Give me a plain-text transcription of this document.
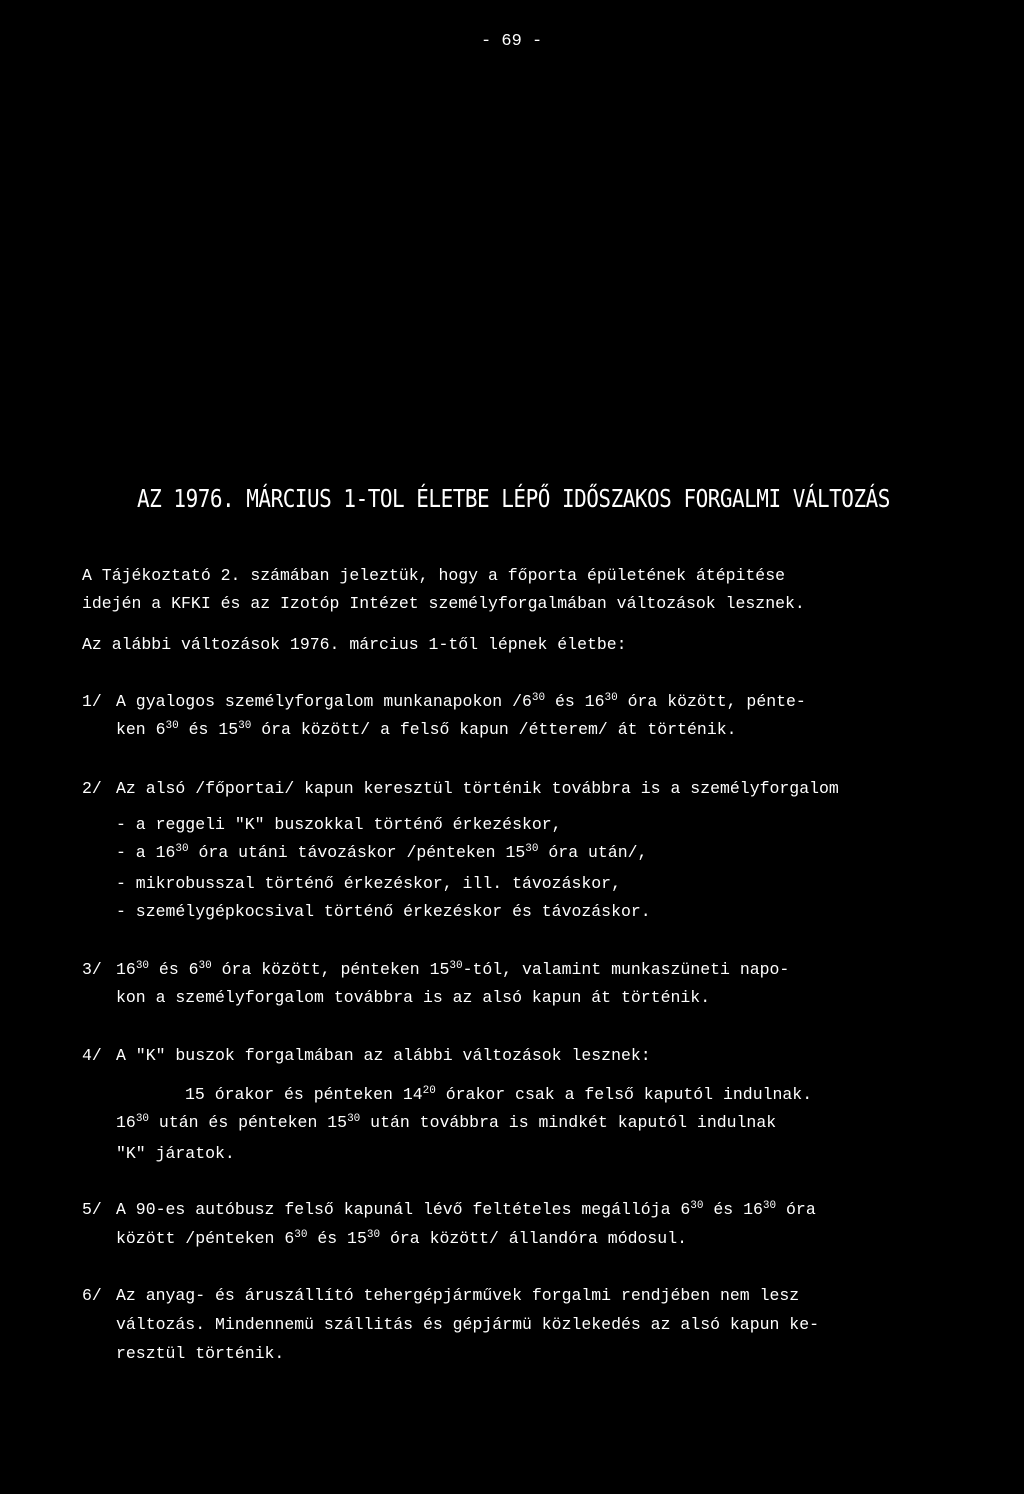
- 69 -
AZ 1976. MÁRCIUS 1-TOL ÉLETBE LÉPŐ IDŐSZAKOS FORGALMI VÁLTOZÁS
A Tájékoztató 2. számában jeleztük, hogy a főporta épületének átépitése
idején a KFKI és az Izotóp Intézet személyforgalmában változások lesznek.
Az alábbi változások 1976. március 1-től lépnek életbe:
1/ A gyalogos személyforgalom munkanapokon $/6^{30}$ és $16^{30}$ óra között, pénte-
ken $6^{30}$ és $15^{30}$ óra között/ a felső kapun /étterem/ át történik.
2/ Az alsó /főportai/ kapun keresztül történik továbbra is a személyforgalom
- a reggeli "K" buszokkal történő érkezéskor,
- a $16^{30}$ óra utáni távozáskor /pénteken $15^{30}$ óra után/,
- mikrobusszal történő érkezéskor, ill. távozáskor,
- személygépkocsival történő érkezéskor és távozáskor.
3/ $16^{30}$ és $6^{30}$ óra között, pénteken $15^{30}$-tól, valamint munkaszüneti napo-
kon a személyforgalom továbbra is az alsó kapun át történik.
4/ A "K" buszok forgalmában az alábbi változások lesznek:
15 órakor és pénteken $14^{20}$ órakor csak a felső kaputól indulnak.
$16^{30}$ után és pénteken $15^{30}$ után továbbra is mindkét kaputól indulnak
"K" járatok.
5/ A 90-es autóbusz felső kapunál lévő feltételes megállója $6^{30}$ és $16^{30}$ óra
között /pénteken $6^{30}$ és $15^{30}$ óra között/ állandóra módosul.
6/ Az anyag- és áruszállító tehergépjárművek forgalmi rendjében nem lesz
változás. Mindennemü szállitás és gépjármü közlekedés az alsó kapun ke-
resztül történik.
